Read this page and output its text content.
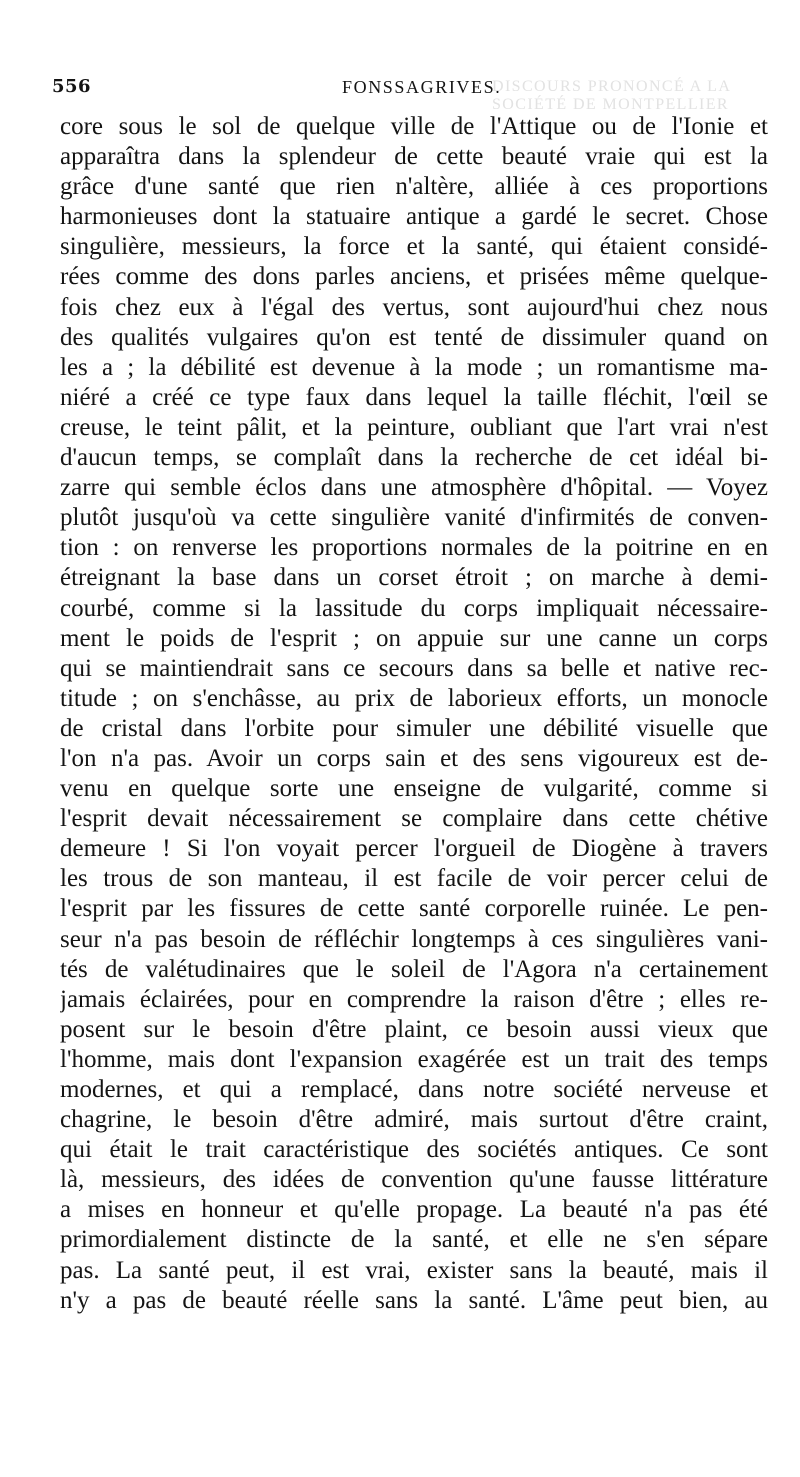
556	FONSSAGRIVES.
DISCOURS PRONONCÉ A LA SOCIÉTÉ DE MONTPELLIER
core sous le sol de quelque ville de l'Attique ou de l'Ionie et
apparaîtra dans la splendeur de cette beauté vraie qui est la
grâce d'une santé que rien n'altère, alliée à ces proportions
harmonieuses dont la statuaire antique a gardé le secret. Chose
singulière, messieurs, la force et la santé, qui étaient considé-
rées comme des dons parles anciens, et prisées même quelque-
fois chez eux à l'égal des vertus, sont aujourd'hui chez nous
des qualités vulgaires qu'on est tenté de dissimuler quand on
les a ; la débilité est devenue à la mode ; un romantisme ma-
niéré a créé ce type faux dans lequel la taille fléchit, l'œil se
creuse, le teint pâlit, et la peinture, oubliant que l'art vrai n'est
d'aucun temps, se complaît dans la recherche de cet idéal bi-
zarre qui semble éclos dans une atmosphère d'hôpital. — Voyez
plutôt jusqu'où va cette singulière vanité d'infirmités de conven-
tion : on renverse les proportions normales de la poitrine en en
étreignant la base dans un corset étroit ; on marche à demi-
courbé, comme si la lassitude du corps impliquait nécessaire-
ment le poids de l'esprit ; on appuie sur une canne un corps
qui se maintiendrait sans ce secours dans sa belle et native rec-
titude ; on s'enchâsse, au prix de laborieux efforts, un monocle
de cristal dans l'orbite pour simuler une débilité visuelle que
l'on n'a pas. Avoir un corps sain et des sens vigoureux est de-
venu en quelque sorte une enseigne de vulgarité, comme si
l'esprit devait nécessairement se complaire dans cette chétive
demeure ! Si l'on voyait percer l'orgueil de Diogène à travers
les trous de son manteau, il est facile de voir percer celui de
l'esprit par les fissures de cette santé corporelle ruinée. Le pen-
seur n'a pas besoin de réfléchir longtemps à ces singulières vani-
tés de valétudinaires que le soleil de l'Agora n'a certainement
jamais éclairées, pour en comprendre la raison d'être ; elles re-
posent sur le besoin d'être plaint, ce besoin aussi vieux que
l'homme, mais dont l'expansion exagérée est un trait des temps
modernes, et qui a remplacé, dans notre société nerveuse et
chagrine, le besoin d'être admiré, mais surtout d'être craint,
qui était le trait caractéristique des sociétés antiques. Ce sont
là, messieurs, des idées de convention qu'une fausse littérature
a mises en honneur et qu'elle propage. La beauté n'a pas été
primordialement distincte de la santé, et elle ne s'en sépare
pas. La santé peut, il est vrai, exister sans la beauté, mais il
n'y a pas de beauté réelle sans la santé. L'âme peut bien, au
